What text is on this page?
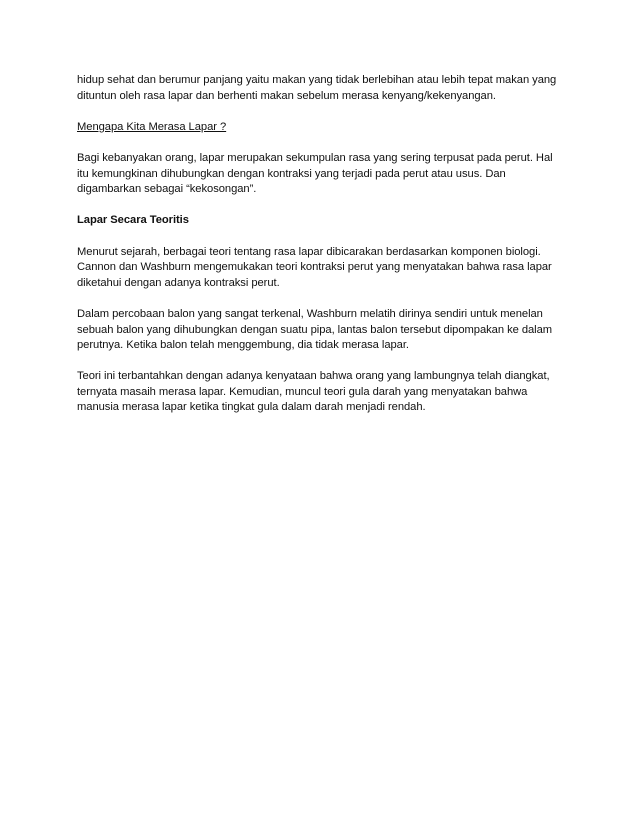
hidup sehat dan berumur panjang yaitu makan yang tidak berlebihan atau lebih tepat makan yang dituntun oleh rasa lapar dan berhenti makan sebelum merasa kenyang/kekenyangan.

Mengapa Kita Merasa Lapar ?

Bagi kebanyakan orang, lapar merupakan sekumpulan rasa yang sering terpusat pada perut. Hal itu kemungkinan dihubungkan dengan kontraksi yang terjadi pada perut atau usus. Dan digambarkan sebagai “kekosongan”.

Lapar Secara Teoritis

Menurut sejarah, berbagai teori tentang rasa lapar dibicarakan berdasarkan komponen biologi. Cannon dan Washburn mengemukakan teori kontraksi perut yang menyatakan bahwa rasa lapar diketahui dengan adanya kontraksi perut.

Dalam percobaan balon yang sangat terkenal, Washburn melatih dirinya sendiri untuk menelan sebuah balon yang dihubungkan dengan suatu pipa, lantas balon tersebut dipompakan ke dalam perutnya. Ketika balon telah menggembung, dia tidak merasa lapar.

Teori ini terbantahkan dengan adanya kenyataan bahwa orang yang lambungnya telah diangkat, ternyata masaih merasa lapar. Kemudian, muncul teori gula darah yang menyatakan bahwa manusia merasa lapar ketika tingkat gula dalam darah menjadi rendah.
